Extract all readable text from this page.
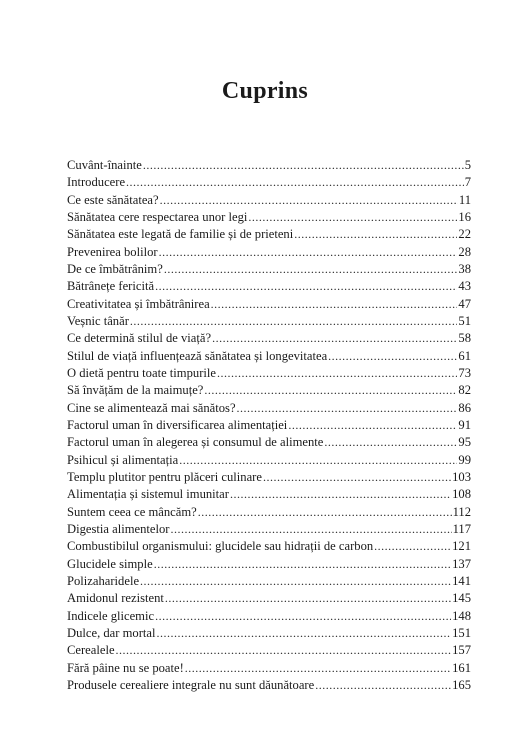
Cuprins
Cuvânt-înainte .....	5
Introducere .....	7
Ce este sănătatea? .....	11
Sănătatea cere respectarea unor legi .....	16
Sănătatea este legată de familie și de prieteni .....	22
Prevenirea bolilor .....	28
De ce îmbătrânim? .....	38
Bătrânețe fericită .....	43
Creativitatea și îmbătrânirea .....	47
Veșnic tânăr .....	51
Ce determină stilul de viață? .....	58
Stilul de viață influențează sănătatea și longevitatea .....	61
O dietă pentru toate timpurile .....	73
Să învățăm de la maimuțe? .....	82
Cine se alimentează mai sănătos? .....	86
Factorul uman în diversificarea alimentației .....	91
Factorul uman în alegerea și consumul de alimente .....	95
Psihicul și alimentația .....	99
Templu plutitor pentru plăceri culinare .....	103
Alimentația și sistemul imunitar .....	108
Suntem ceea ce mâncăm? .....	112
Digestia alimentelor .....	117
Combustibilul organismului: glucidele sau hidrații de carbon .....	121
Glucidele simple .....	137
Polizaharidele .....	141
Amidonul rezistent .....	145
Indicele glicemic .....	148
Dulce, dar mortal .....	151
Cerealele .....	157
Fără pâine nu se poate! .....	161
Produsele cerealiere integrale nu sunt dăunătoare .....	165
